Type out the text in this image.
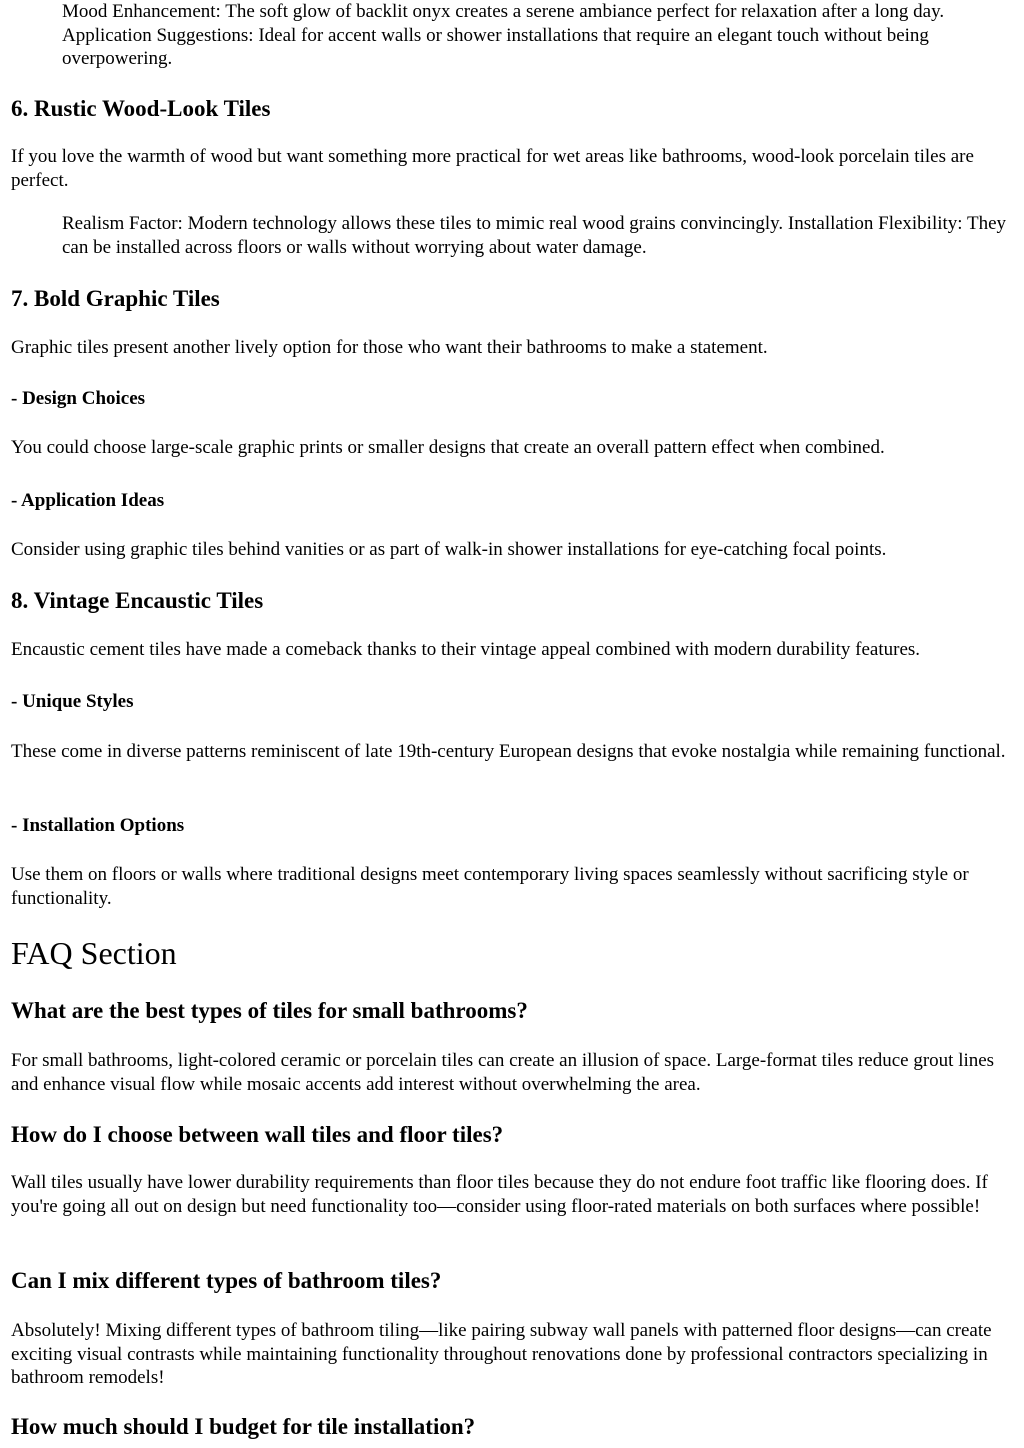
Mood Enhancement: The soft glow of backlit onyx creates a serene ambiance perfect for relaxation after a long day. Application Suggestions: Ideal for accent walls or shower installations that require an elegant touch without being overpowering.
6. Rustic Wood-Look Tiles

If you love the warmth of wood but want something more practical for wet areas like bathrooms, wood-look porcelain tiles are perfect.

Realism Factor: Modern technology allows these tiles to mimic real wood grains convincingly. Installation Flexibility: They can be installed across floors or walls without worrying about water damage.
7. Bold Graphic Tiles

Graphic tiles present another lively option for those who want their bathrooms to make a statement.

- Design Choices

You could choose large-scale graphic prints or smaller designs that create an overall pattern effect when combined.

- Application Ideas

Consider using graphic tiles behind vanities or as part of walk-in shower installations for eye-catching focal points.

8. Vintage Encaustic Tiles

Encaustic cement tiles have made a comeback thanks to their vintage appeal combined with modern durability features.

- Unique Styles

These come in diverse patterns reminiscent of late 19th-century European designs that evoke nostalgia while remaining functional.

- Installation Options

Use them on floors or walls where traditional designs meet contemporary living spaces seamlessly without sacrificing style or functionality.

FAQ Section
What are the best types of tiles for small bathrooms?

For small bathrooms, light-colored ceramic or porcelain tiles can create an illusion of space. Large-format tiles reduce grout lines and enhance visual flow while mosaic accents add interest without overwhelming the area.

How do I choose between wall tiles and floor tiles?

Wall tiles usually have lower durability requirements than floor tiles because they do not endure foot traffic like flooring does. If you're going all out on design but need functionality too—consider using floor-rated materials on both surfaces where possible!

Can I mix different types of bathroom tiles?

Absolutely! Mixing different types of bathroom tiling—like pairing subway wall panels with patterned floor designs—can create exciting visual contrasts while maintaining functionality throughout renovations done by professional contractors specializing in bathroom remodels!

How much should I budget for tile installation?
